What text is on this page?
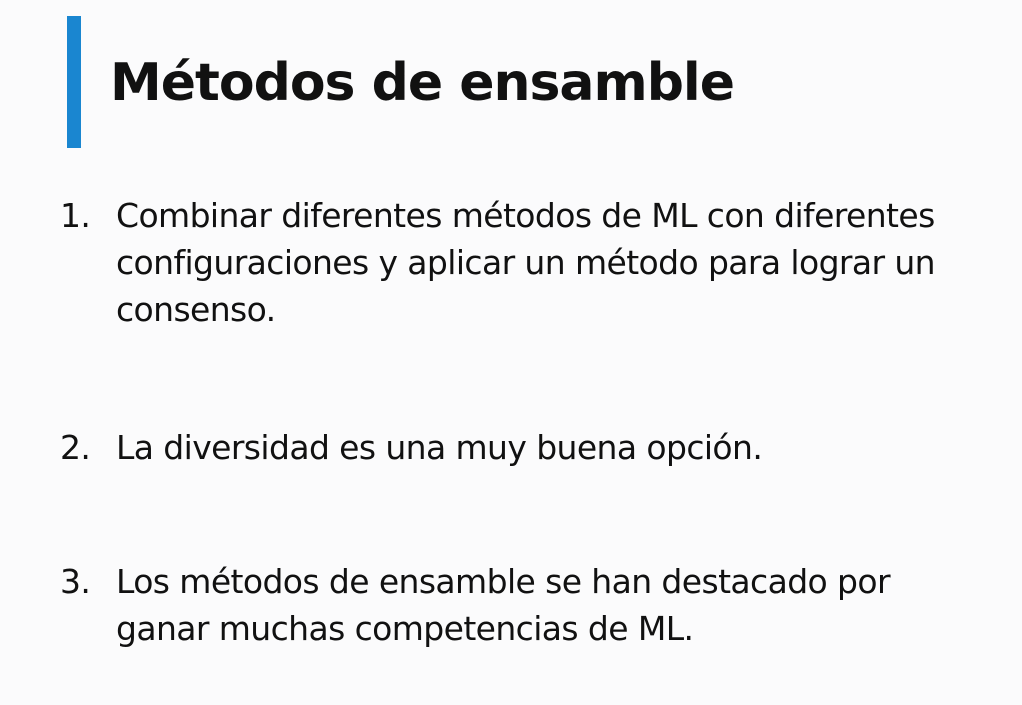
Métodos de ensamble
1. Combinar diferentes métodos de ML con diferentes configuraciones y aplicar un método para lograr un consenso.
2. La diversidad es una muy buena opción.
3. Los métodos de ensamble se han destacado por ganar muchas competencias de ML.
